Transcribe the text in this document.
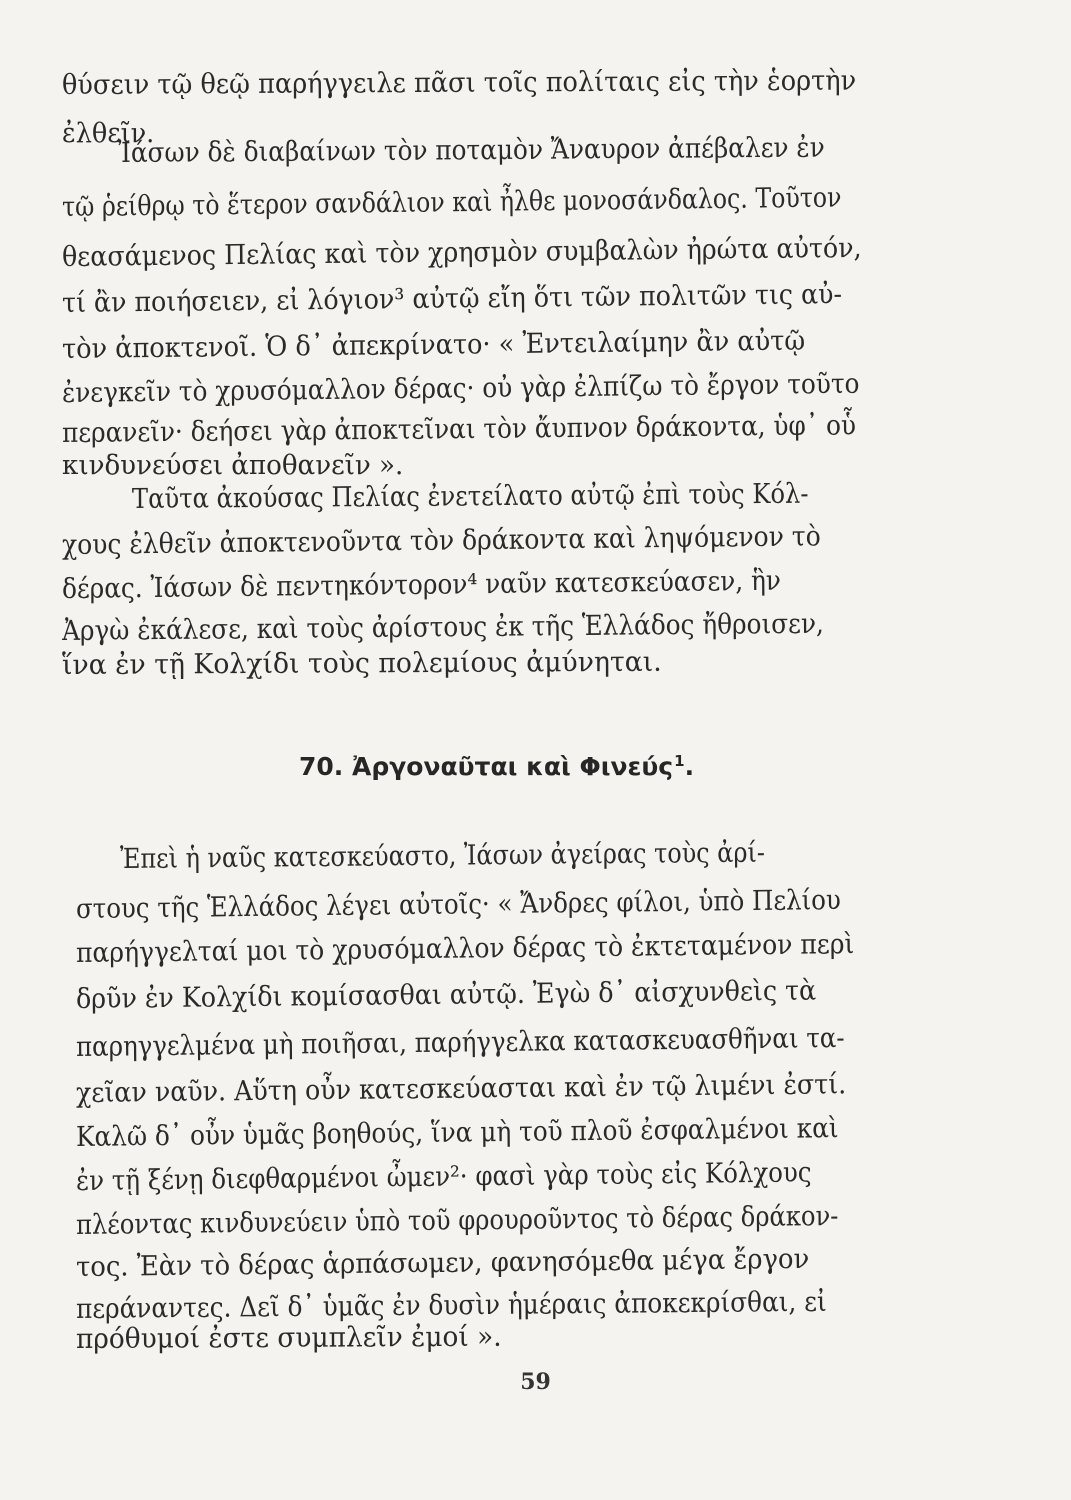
θύσειν τῷ θεῷ παρήγγειλε πᾶσι τοῖς πολίταις εἰς τὴν ἑορτὴν
ἐλθεῖν.
Ἰάσων δὲ διαβαίνων τὸν ποταμὸν Ἄναυρον ἀπέβαλεν ἐν
τῷ ῥείθρῳ τὸ ἕτερον σανδάλιον καὶ ἦλθε μονοσάνδαλος. Τοῦτον
θεασάμενος Πελίας καὶ τὸν χρησμὸν συμβαλὼν ἠρώτα αὐτόν,
τί ἂν ποιήσειεν, εἰ λόγιον³ αὐτῷ εἴη ὅτι τῶν πολιτῶν τις αὐ-
τὸν ἀποκτενοῖ. Ὁ δ᾽ ἀπεκρίνατο· « Ἐντειλαίμην ἂν αὐτῷ
ἐνεγκεῖν τὸ χρυσόμαλλον δέρας· οὐ γὰρ ἐλπίζω τὸ ἔργον τοῦτο
περανεῖν· δεήσει γὰρ ἀποκτεῖναι τὸν ἄυπνον δράκοντα, ὑφ᾽ οὗ
κινδυνεύσει ἀποθανεῖν ».
Ταῦτα ἀκούσας Πελίας ἐνετείλατο αὐτῷ ἐπὶ τοὺς Κόλ-
χους ἐλθεῖν ἀποκτενοῦντα τὸν δράκοντα καὶ ληψόμενον τὸ
δέρας. Ἰάσων δὲ πεντηκόντορον⁴ ναῦν κατεσκεύασεν, ἣν
Ἀργὼ ἐκάλεσε, καὶ τοὺς ἀρίστους ἐκ τῆς Ἑλλάδος ἤθροισεν,
ἵνα ἐν τῇ Κολχίδι τοὺς πολεμίους ἀμύνηται.
70. Ἀργοναῦται καὶ Φινεύς$^1$.
Ἐπεὶ ἡ ναῦς κατεσκεύαστο, Ἰάσων ἀγείρας τοὺς ἀρί-
στους τῆς Ἑλλάδος λέγει αὐτοῖς· « Ἄνδρες φίλοι, ὑπὸ Πελίου
παρήγγελταί μοι τὸ χρυσόμαλλον δέρας τὸ ἐκτεταμένον περὶ
δρῦν ἐν Κολχίδι κομίσασθαι αὐτῷ. Ἐγὼ δ᾽ αἰσχυνθεὶς τὰ
παρηγγελμένα μὴ ποιῆσαι, παρήγγελκα κατασκευασθῆναι τα-
χεῖαν ναῦν. Αὕτη οὖν κατεσκεύασται καὶ ἐν τῷ λιμένι ἐστί.
Καλῶ δ᾽ οὖν ὑμᾶς βοηθούς, ἵνα μὴ τοῦ πλοῦ ἐσφαλμένοι καὶ
ἐν τῇ ξένῃ διεφθαρμένοι ὦμεν²· φασὶ γὰρ τοὺς εἰς Κόλχους
πλέοντας κινδυνεύειν ὑπὸ τοῦ φρουροῦντος τὸ δέρας δράκον-
τος. Ἐὰν τὸ δέρας ἁρπάσωμεν, φανησόμεθα μέγα ἔργον
περάναντες. Δεῖ δ᾽ ὑμᾶς ἐν δυσὶν ἡμέραις ἀποκεκρίσθαι, εἰ
πρόθυμοί ἐστε συμπλεῖν ἐμοί ».
59
